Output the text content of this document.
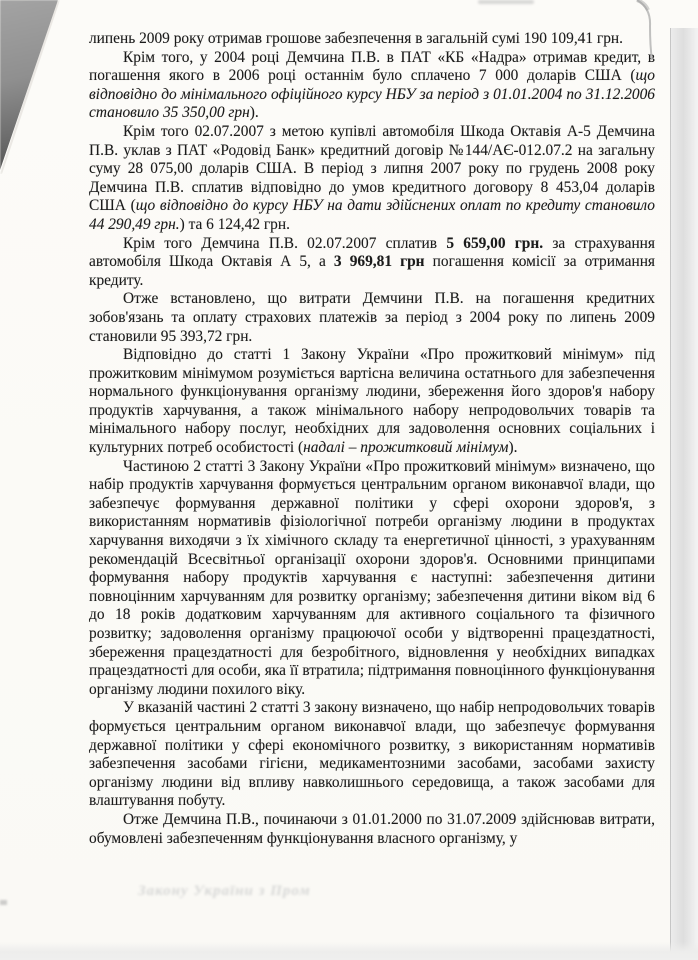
липень 2009 року отримав грошове забезпечення в загальній сумі 190 109,41 грн.

Крім того, у 2004 році Демчина П.В. в ПАТ «КБ «Надра» отримав кредит, в погашення якого в 2006 році останнім було сплачено 7 000 доларів США (що відповідно до мінімального офіційного курсу НБУ за період з 01.01.2004 по 31.12.2006 становило 35 350,00 грн).

Крім того 02.07.2007 з метою купівлі автомобіля Шкода Октавія А-5 Демчина П.В. уклав з ПАТ «Родовід Банк» кредитний договір №144/АЄ-012.07.2 на загальну суму 28 075,00 доларів США. В період з липня 2007 року по грудень 2008 року Демчина П.В. сплатив відповідно до умов кредитного договору 8 453,04 доларів США (що відповідно до курсу НБУ на дати здійснених оплат по кредиту становило 44 290,49 грн.) та 6 124,42 грн.

Крім того Демчина П.В. 02.07.2007 сплатив 5 659,00 грн. за страхування автомобіля Шкода Октавія А 5, а 3 969,81 грн погашення комісії за отримання кредиту.

Отже встановлено, що витрати Демчини П.В. на погашення кредитних зобов'язань та оплату страхових платежів за період з 2004 року по липень 2009 становили 95 393,72 грн.

Відповідно до статті 1 Закону України «Про прожитковий мінімум» під прожитковим мінімумом розуміється вартісна величина остатнього для забезпечення нормального функціонування організму людини, збереження його здоров'я набору продуктів харчування, а також мінімального набору непродовольчих товарів та мінімального набору послуг, необхідних для задоволення основних соціальних і культурних потреб особистості (надалі – прожитковий мінімум).

Частиною 2 статті 3 Закону України «Про прожитковий мінімум» визначено, що набір продуктів харчування формується центральним органом виконавчої влади, що забезпечує формування державної політики у сфері охорони здоров'я, з використанням нормативів фізіологічної потреби організму людини в продуктах харчування виходячи з їх хімічного складу та енергетичної цінності, з урахуванням рекомендацій Всесвітньої організації охорони здоров'я. Основними принципами формування набору продуктів харчування є наступні: забезпечення дитини повноцінним харчуванням для розвитку організму; забезпечення дитини віком від 6 до 18 років додатковим харчуванням для активного соціального та фізичного розвитку; задоволення організму працюючої особи у відтворенні працездатності, збереження працездатності для безробітного, відновлення у необхідних випадках працездатності для особи, яка її втратила; підтримання повноцінного функціонування організму людини похилого віку.

У вказаній частині 2 статті 3 закону визначено, що набір непродовольчих товарів формується центральним органом виконавчої влади, що забезпечує формування державної політики у сфері економічного розвитку, з використанням нормативів забезпечення засобами гігієни, медикаментозними засобами, засобами захисту організму людини від впливу навколишнього середовища, а також засобами для влаштування побуту.

Отже Демчина П.В., починаючи з 01.01.2000 по 31.07.2009 здійснював витрати, обумовлені забезпеченням функціонування власного організму, у

Закону України з Пром
